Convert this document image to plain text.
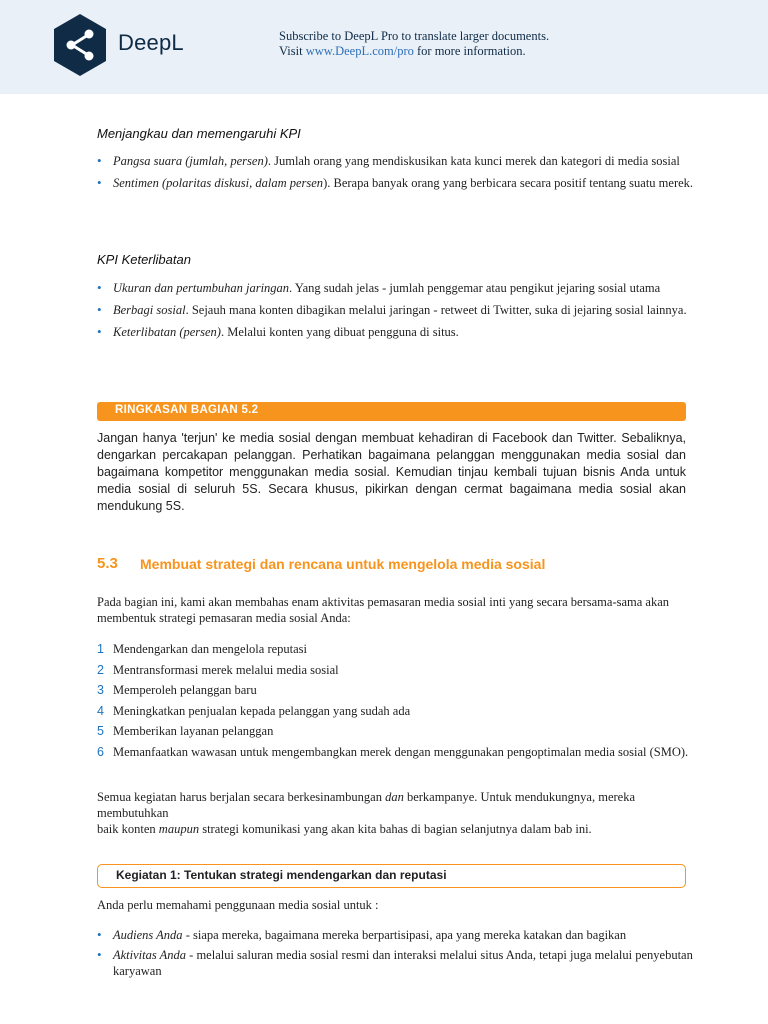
DeepL	Subscribe to DeepL Pro to translate larger documents.
Visit www.DeepL.com/pro for more information.
Menjangkau dan memengaruhi KPI
• Pangsa suara (jumlah, persen). Jumlah orang yang mendiskusikan kata kunci merek dan kategori di media sosial
• Sentimen (polaritas diskusi, dalam persen). Berapa banyak orang yang berbicara secara positif tentang suatu merek.
KPI Keterlibatan
• Ukuran dan pertumbuhan jaringan. Yang sudah jelas - jumlah penggemar atau pengikut jejaring sosial utama
• Berbagi sosial. Sejauh mana konten dibagikan melalui jaringan - retweet di Twitter, suka di jejaring sosial lainnya.
• Keterlibatan (persen). Melalui konten yang dibuat pengguna di situs.
RINGKASAN BAGIAN 5.2

Jangan hanya 'terjun' ke media sosial dengan membuat kehadiran di Facebook dan Twitter. Sebaliknya, dengarkan percakapan pelanggan. Perhatikan bagaimana pelanggan menggunakan media sosial dan bagaimana kompetitor menggunakan media sosial. Kemudian tinjau kembali tujuan bisnis Anda untuk media sosial di seluruh 5S. Secara khusus, pikirkan dengan cermat bagaimana media sosial akan mendukung 5S.

5.3 Membuat strategi dan rencana untuk mengelola media sosial

Pada bagian ini, kami akan membahas enam aktivitas pemasaran media sosial inti yang secara bersama-sama akan membentuk strategi pemasaran media sosial Anda:

1 Mendengarkan dan mengelola reputasi
2 Mentransformasi merek melalui media sosial
3 Memperoleh pelanggan baru
4 Meningkatkan penjualan kepada pelanggan yang sudah ada
5 Memberikan layanan pelanggan
6 Memanfaatkan wawasan untuk mengembangkan merek dengan menggunakan pengoptimalan media sosial (SMO).
Semua kegiatan harus berjalan secara berkesinambungan dan berkampanye. Untuk mendukungnya, mereka membutuhkan
baik konten maupun strategi komunikasi yang akan kita bahas di bagian selanjutnya dalam bab ini.
Kegiatan 1: Tentukan strategi mendengarkan dan reputasi

Anda perlu memahami penggunaan media sosial untuk :

• Audiens Anda - siapa mereka, bagaimana mereka berpartisipasi, apa yang mereka katakan dan bagikan
• Aktivitas Anda - melalui saluran media sosial resmi dan interaksi melalui situs Anda, tetapi juga melalui penyebutan karyawan
